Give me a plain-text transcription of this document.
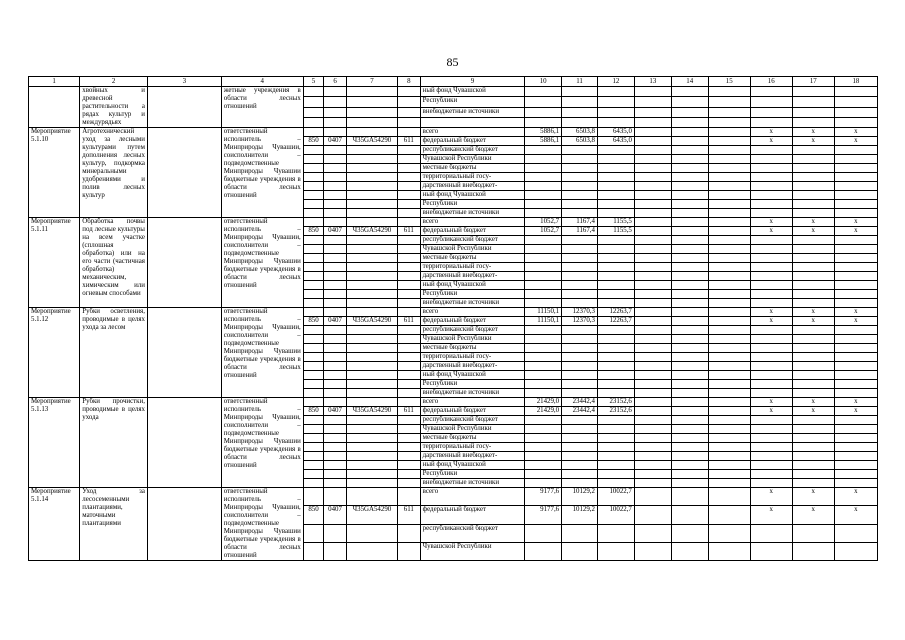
85
1	2	3	4	5	6	7	8	9	10	11	12	13	14	15	16	17	18
	хвойных и древесной растительности а рядах культур и междурядьях		жетные учреждения в области лесных отношений					ный фонд Чувашской									
								Республики									
								внебюджетные источники									

Мероприятие 5.1.10	Агротехнический уход за лесными культурами путем дополнения лесных культур, подкормка минеральными удобрениями и полив лесных культур		ответственный исполнитель – Минприроды Чувашии, соисполнители – подведомственные Минприроды Чувашии бюджетные учреждения в области лесных отношений					всего	5886,1	6503,8	6435,0				x	x	x
				850	0407	Ч35GA54290	611	федеральный бюджет	5886,1	6503,8	6435,0				x	x	x
								республиканский бюджет									
								Чувашской Республики									
								местные бюджеты									
								территориальный госу-									
								дарственный внебюджет-									
								ный фонд Чувашской									
								Республики									
								внебюджетные источники									
Мероприятие 5.1.11	Обработка почвы под лесные культуры на всем участке (сплошная обработка) или на его части (частичная обработка) механическим, химическим или огневым способами		ответственный исполнитель – Минприроды Чувашии, соисполнители – подведомственные Минприроды Чувашии бюджетные учреждения в области лесных отношений					всего	1052,7	1167,4	1155,5				x	x	x
				850	0407	Ч35GA54290	611	федеральный бюджет	1052,7	1167,4	1155,5				x	x	x
								республиканский бюджет									
								Чувашской Республики									
								местные бюджеты									
								территориальный госу-									
								дарственный внебюджет-									
								ный фонд Чувашской									
								Республики									
								внебюджетные источники									
Мероприятие 5.1.12	Рубки осветления, проводимые в целях ухода за лесом		ответственный исполнитель – Минприроды Чувашии, соисполнители – подведомственные Минприроды Чувашии бюджетные учреждения в области лесных отношений					всего	11150,1	12370,3	12263,7				x	x	x
				850	0407	Ч35GA54290	611	федеральный бюджет	11150,1	12370,3	12263,7				x	x	x
								республиканский бюджет									
								Чувашской Республики									
								местные бюджеты									
								территориальный госу-									
								дарственный внебюджет-									
								ный фонд Чувашской									
								Республики									
								внебюджетные источники									
Мероприятие 5.1.13	Рубки прочистки, проводимые в целях ухода		ответственный исполнитель – Минприроды Чувашии, соисполнители – подведомственные Минприроды Чувашии бюджетные учреждения в области лесных отношений					всего	21429,0	23442,4	23152,6				x	x	x
				850	0407	Ч35GA54290	611	федеральный бюджет	21429,0	23442,4	23152,6				x	x	x
								республиканский бюджет									
								Чувашской Республики									
								местные бюджеты									
								территориальный госу-									
								дарственный внебюджет-									
								ный фонд Чувашской									
								Республики									
								внебюджетные источники									
Мероприятие 5.1.14	Уход за лесосеменными плантациями, маточными плантациями		ответственный исполнитель – Минприроды Чувашии, соисполнители – подведомственные Минприроды Чувашии бюджетные учреждения в области лесных отношений					всего	9177,6	10129,2	10022,7				x	x	x
				850	0407	Ч35GA54290	611	федеральный бюджет	9177,6	10129,2	10022,7				x	x	x
								республиканский бюджет									
								Чувашской Республики									
